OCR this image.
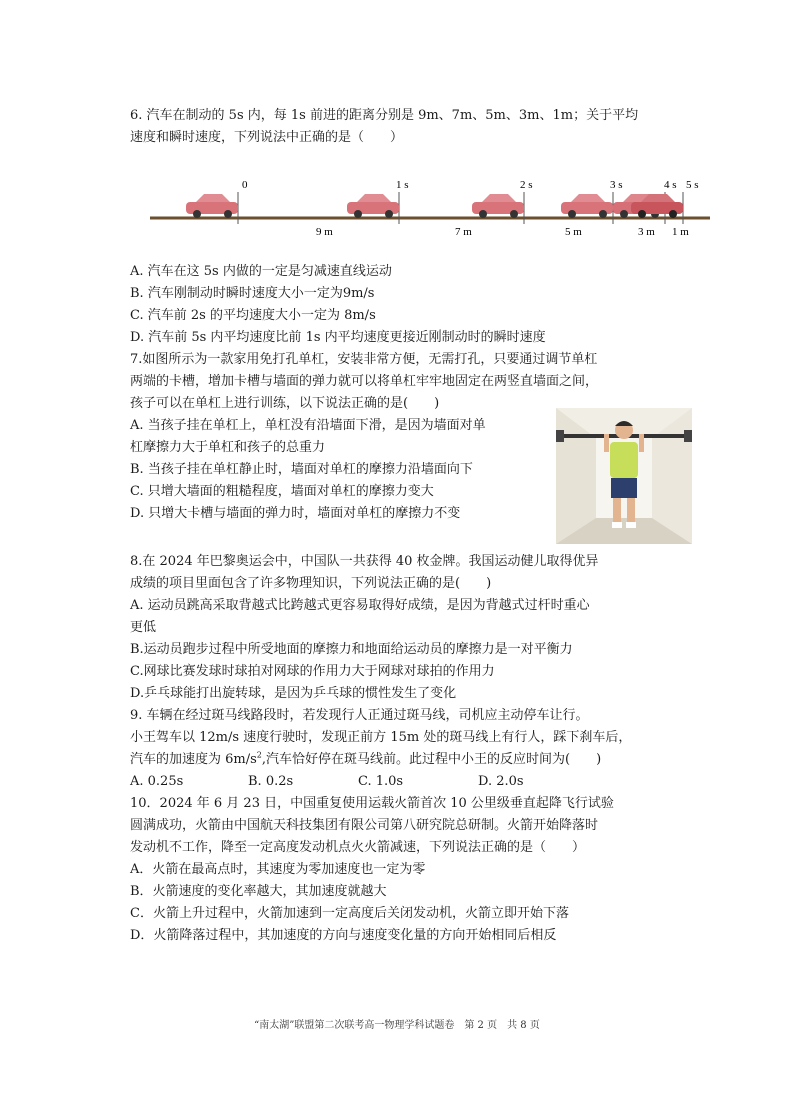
6. 汽车在制动的 5s 内，每 1s 前进的距离分别是 9m、7m、5m、3m、1m；关于平均
速度和瞬时速度，下列说法中正确的是（　　）
0	1 s	2 s	3 s	4 s 5 s
9 m	7 m	5 m	3 m 1 m
A. 汽车在这 5s 内做的一定是匀减速直线运动
B. 汽车刚制动时瞬时速度大小一定为9m/s
C. 汽车前 2s 的平均速度大小一定为 8m/s
D. 汽车前 5s 内平均速度比前 1s 内平均速度更接近刚制动时的瞬时速度
7.如图所示为一款家用免打孔单杠，安装非常方便，无需打孔，只要通过调节单杠
两端的卡槽，增加卡槽与墙面的弹力就可以将单杠牢牢地固定在两竖直墙面之间，
孩子可以在单杠上进行训练，以下说法正确的是(　　)
A. 当孩子挂在单杠上，单杠没有沿墙面下滑，是因为墙面对单
杠摩擦力大于单杠和孩子的总重力
B. 当孩子挂在单杠静止时，墙面对单杠的摩擦力沿墙面向下
C. 只增大墙面的粗糙程度，墙面对单杠的摩擦力变大
D. 只增大卡槽与墙面的弹力时，墙面对单杠的摩擦力不变
8.在 2024 年巴黎奥运会中，中国队一共获得 40 枚金牌。我国运动健儿取得优异
成绩的项目里面包含了许多物理知识，下列说法正确的是(　　)
A. 运动员跳高采取背越式比跨越式更容易取得好成绩，是因为背越式过杆时重心
更低
B.运动员跑步过程中所受地面的摩擦力和地面给运动员的摩擦力是一对平衡力
C.网球比赛发球时球拍对网球的作用力大于网球对球拍的作用力
D.乒乓球能打出旋转球，是因为乒乓球的惯性发生了变化
9. 车辆在经过斑马线路段时，若发现行人正通过斑马线，司机应主动停车让行。
小王驾车以 12m/s 速度行驶时，发现正前方 15m 处的斑马线上有行人，踩下刹车后，
汽车的加速度为 $6m/s^2$,汽车恰好停在斑马线前。此过程中小王的反应时间为(　　)
A. 0.25s	B. 0.2s	C. 1.0s	D. 2.0s
10．2024 年 6 月 23 日，中国重复使用运载火箭首次 10 公里级垂直起降飞行试验
圆满成功，火箭由中国航天科技集团有限公司第八研究院总研制。火箭开始降落时
发动机不工作，降至一定高度发动机点火火箭减速，下列说法正确的是（　　）
A．火箭在最高点时，其速度为零加速度也一定为零
B．火箭速度的变化率越大，其加速度就越大
C．火箭上升过程中，火箭加速到一定高度后关闭发动机，火箭立即开始下落
D．火箭降落过程中，其加速度的方向与速度变化量的方向开始相同后相反
“南太湖”联盟第二次联考高一物理学科试题卷　第 2 页　共 8 页
